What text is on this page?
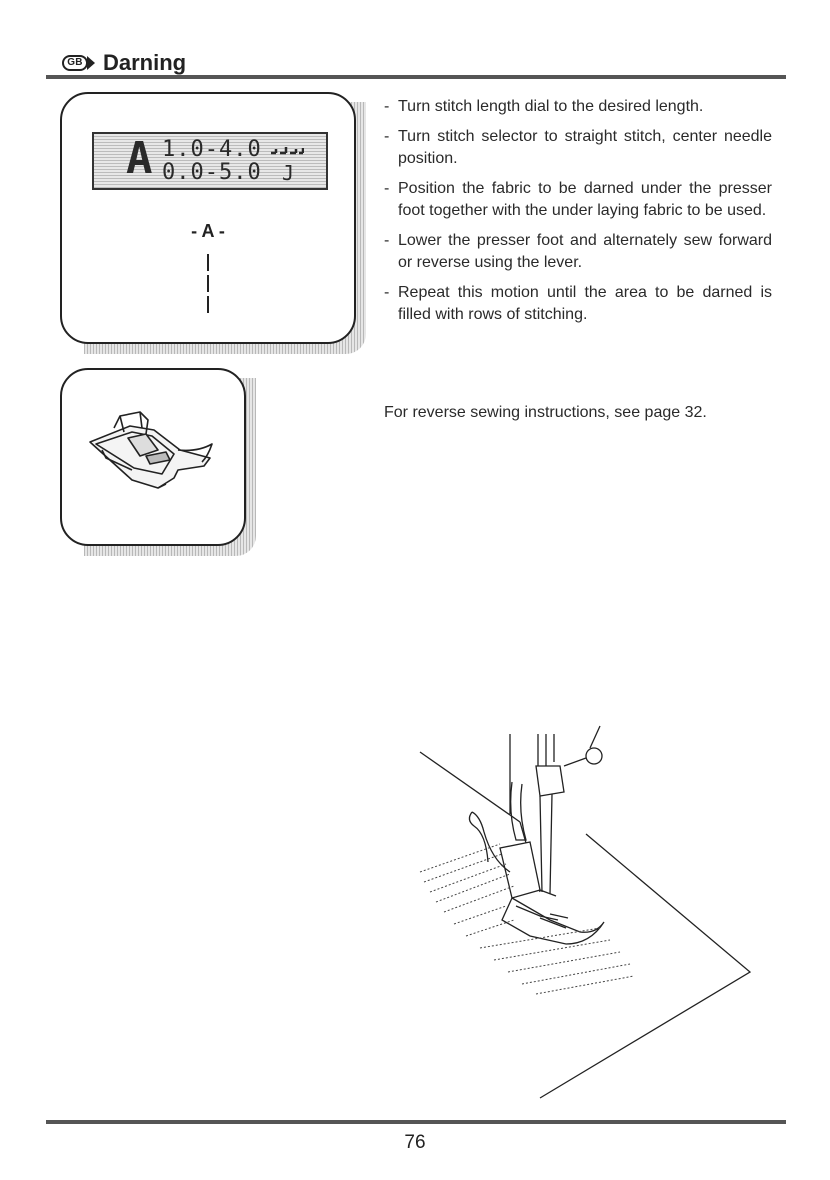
GB Darning
A 1.0-4.0
0.0-5.0 J
- A -
- Turn stitch length dial to the desired length.
- Turn stitch selector to straight stitch, center needle position.
- Position the fabric to be darned under the presser foot together with the under laying fabric to be used.
- Lower the presser foot and alternately sew forward or reverse using the lever.
- Repeat this motion until the area to be darned is filled with rows of stitching.
For reverse sewing instructions, see page 32.
76
